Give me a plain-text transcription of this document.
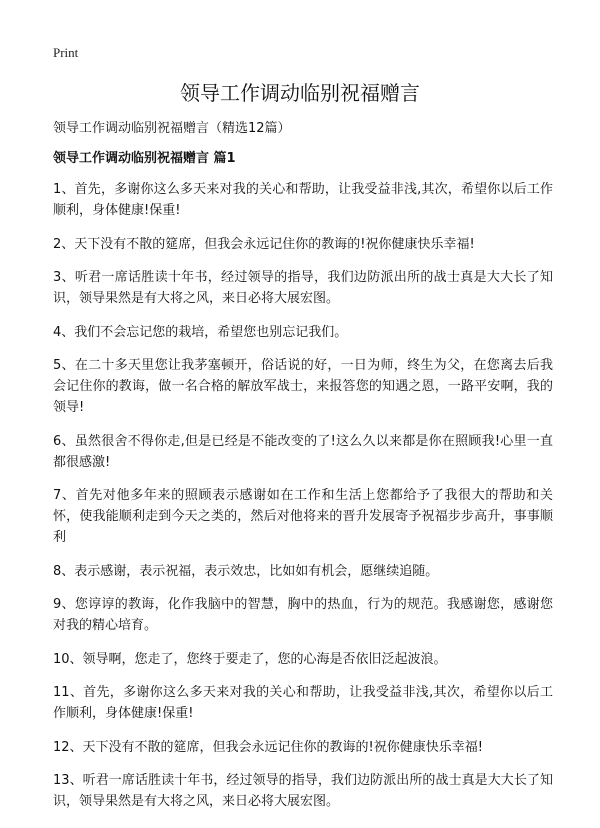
Print
领导工作调动临别祝福赠言

领导工作调动临别祝福赠言（精选12篇）

领导工作调动临别祝福赠言 篇1

1、首先，多谢你这么多天来对我的关心和帮助，让我受益非浅,其次，希望你以后工作顺利，身体健康!保重!
2、天下没有不散的筵席，但我会永远记住你的教诲的!祝你健康快乐幸福!
3、听君一席话胜读十年书，经过领导的指导，我们边防派出所的战士真是大大长了知识，领导果然是有大将之风，来日必将大展宏图。
4、我们不会忘记您的栽培，希望您也别忘记我们。
5、在二十多天里您让我茅塞顿开，俗话说的好，一日为师，终生为父，在您离去后我会记住你的教诲，做一名合格的解放军战士，来报答您的知遇之恩，一路平安啊，我的领导!
6、虽然很舍不得你走,但是已经是不能改变的了!这么久以来都是你在照顾我!心里一直都很感激!
7、首先对他多年来的照顾表示感谢如在工作和生活上您都给予了我很大的帮助和关怀，使我能顺利走到今天之类的，然后对他将来的晋升发展寄予祝福步步高升，事事顺利
8、表示感谢，表示祝福，表示效忠，比如如有机会，愿继续追随。
9、您谆谆的教诲，化作我脑中的智慧，胸中的热血，行为的规范。我感谢您，感谢您对我的精心培育。
10、领导啊，您走了，您终于要走了，您的心海是否依旧泛起波浪。
11、首先，多谢你这么多天来对我的关心和帮助，让我受益非浅,其次，希望你以后工作顺利，身体健康!保重!
12、天下没有不散的筵席，但我会永远记住你的教诲的!祝你健康快乐幸福!
13、听君一席话胜读十年书，经过领导的指导，我们边防派出所的战士真是大大长了知识，领导果然是有大将之风，来日必将大展宏图。
